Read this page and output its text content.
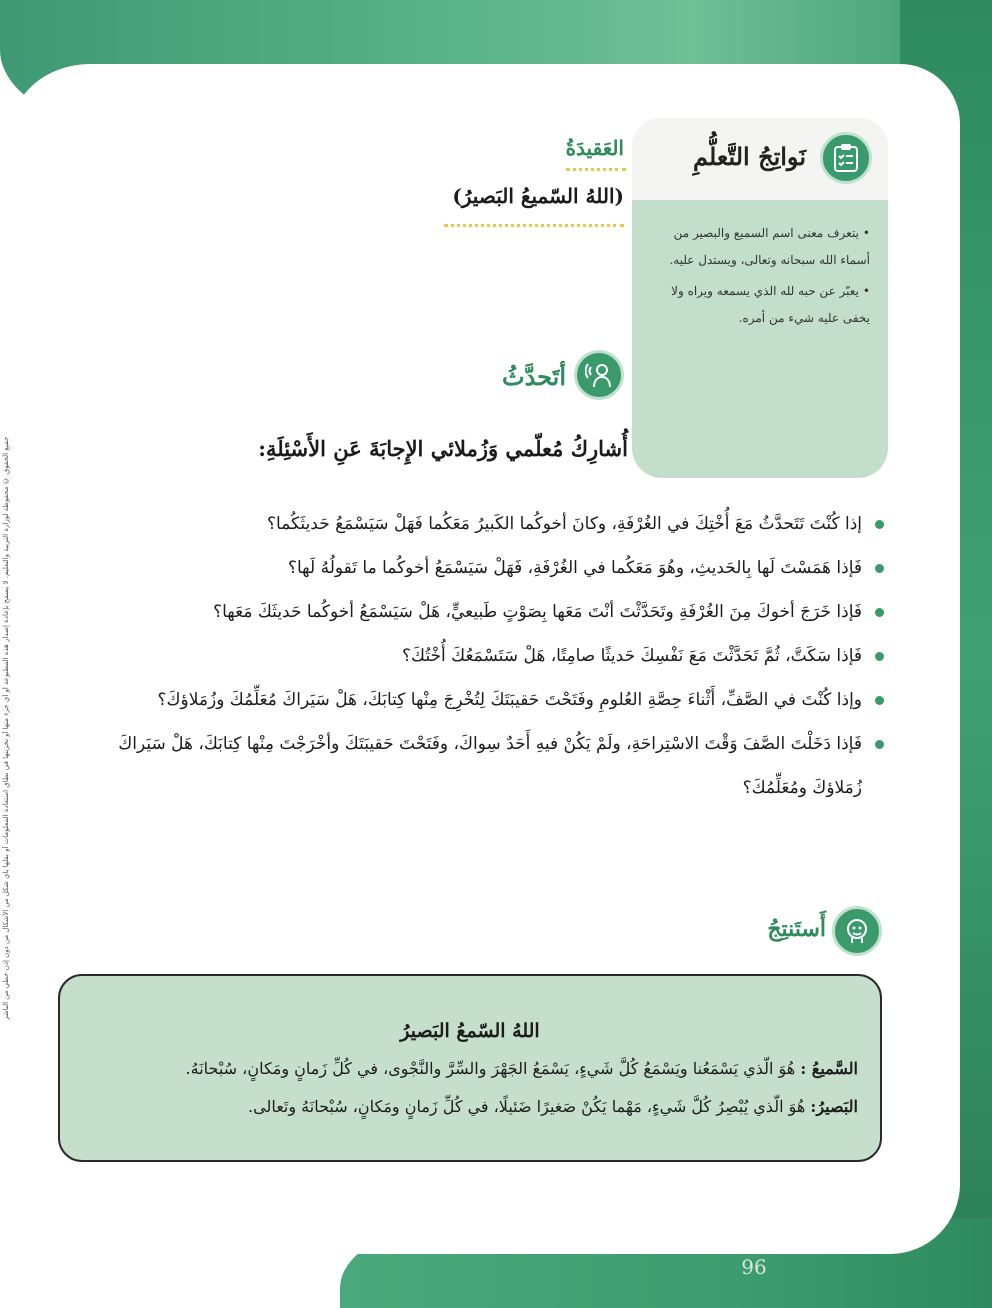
جميع الحقوق © محفوظة لوزارة التربية والتعليم. لا يسمح بإعادة إصدار هذه المطبوعة أو أي جزء منها أو تخزينها في نطاق استعادة المعلومات أو نقلها بأي شكل من الأشكال من دون إذن خطي من الناشر
نَواتِجُ التَّعلُّمِ
• يتعرف معنى اسم السميع والبصير من أسماء الله سبحانه وتعالى، ويستدل عليه.
• يعبّر عن حبه لله الذي يسمعه ويراه ولا يخفى عليه شيء من أمره.
العَقيدَةُ
(اللهُ السّميعُ البَصيرُ)
أتَحدَّثُ
أُشارِكُ مُعلّمي وَزُملائي الإِجابَةَ عَنِ الأَسْئِلَةِ:
إذا كُنْتَ تَتَحدَّثُ مَعَ أُخْتِكَ في الغُرْفَةِ، وكانَ أخوكُما الكَبيرُ مَعَكُما فَهَلْ سَيَسْمَعُ حَديثَكُما؟
فَإذا هَمَسْتَ لَها بِالحَديثِ، وهُوَ مَعَكُما في الغُرْفَةِ، فَهَلْ سَيَسْمَعُ أخوكُما ما تَقولُهُ لَها؟
فَإذا خَرَجَ أخوكَ مِنَ الغُرْفَةِ وتَحَدَّثْتَ أنْتَ مَعَها بِصَوْتٍ طَبيعيٍّ، هَلْ سَيَسْمَعُ أخوكُما حَديثَكَ مَعَها؟
فَإذا سَكَتَّ، ثُمَّ تَحَدَّثْتَ مَعَ نَفْسِكَ حَديثًا صامِتًا، هَلْ سَتَسْمَعُكَ أُخْتُكَ؟
وإذا كُنْتَ في الصَّفِّ، أَثْناءَ حِصَّةِ العُلومِ وفَتَحْتَ حَقيبَتَكَ لِتُخْرِجَ مِنْها كِتابَكَ، هَلْ سَيَراكَ مُعَلِّمُكَ وزُمَلاؤكَ؟
فَإذا دَخَلْتَ الصَّفَ وَقْتَ الاسْتِراحَةِ، ولَمْ يَكُنْ فيهِ أَحَدٌ سِواكَ، وفَتَحْتَ حَقيبَتَكَ وأخْرَجْتَ مِنْها كِتابَكَ، هَلْ سَيَراكَ زُمَلاؤكَ ومُعَلِّمُكَ؟
أَستَنتِجُ
اللهُ السّمعُ البَصيرُ
السَّميعُ : هُوَ الّذي يَسْمَعُنا ويَسْمَعُ كُلَّ شَيءٍ، يَسْمَعُ الجَهْرَ والسِّرَّ والنَّجْوى، في كُلِّ زَمانٍ ومَكانٍ، سُبْحانَهُ.
البَصيرُ: هُوَ الّذي يُبْصِرُ كُلَّ شَيءٍ، مَهْما يَكُنْ صَغيرًا ضَئيلًا، في كُلِّ زَمانٍ ومَكانٍ، سُبْحانَهُ وتَعالى.
96
